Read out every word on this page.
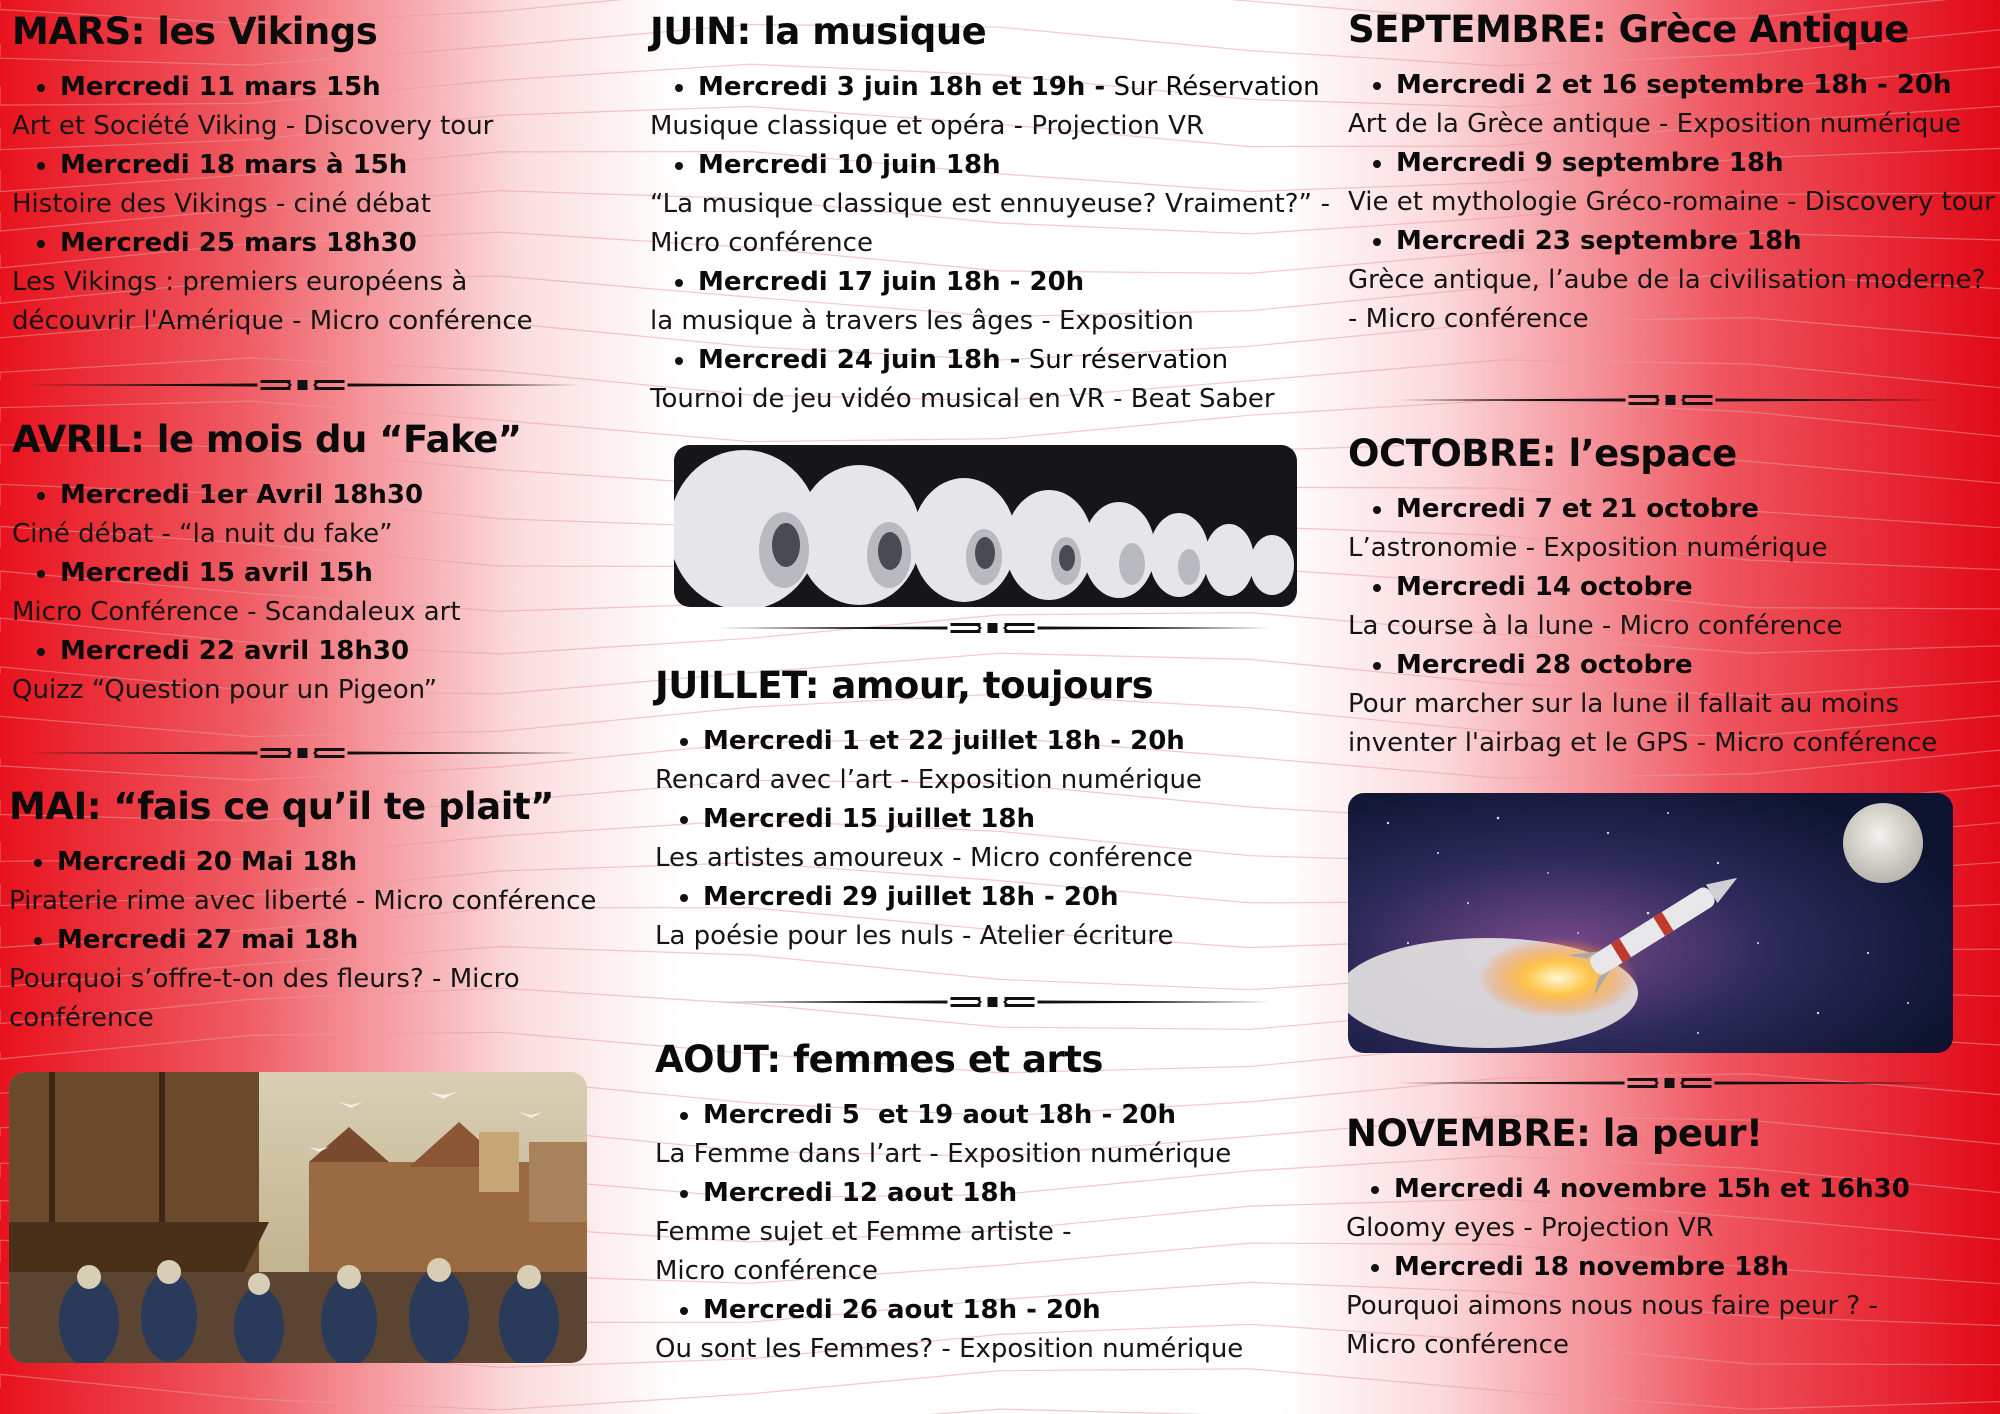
MARS: les Vikings
Mercredi 11 mars 15h
Art et Société Viking - Discovery tour
Mercredi 18 mars à 15h
Histoire des Vikings - ciné débat
Mercredi 25 mars 18h30
Les Vikings : premiers européens à découvrir l'Amérique - Micro conférence
AVRIL: le mois du “Fake”
Mercredi 1er Avril 18h30
Ciné débat - “la nuit du fake”
Mercredi 15 avril 15h
Micro Conférence - Scandaleux art
Mercredi 22 avril 18h30
Quizz “Question pour un Pigeon”
MAI: “fais ce qu’il te plait”
Mercredi 20 Mai 18h
Piraterie rime avec liberté - Micro conférence
Mercredi 27 mai 18h
Pourquoi s’offre-t-on des fleurs? - Micro conférence
JUIN: la musique
Mercredi 3 juin 18h et 19h - Sur Réservation
Musique classique et opéra - Projection VR
Mercredi 10 juin 18h
“La musique classique est ennuyeuse? Vraiment?” - Micro conférence
Mercredi 17 juin 18h - 20h
la musique à travers les âges - Exposition
Mercredi 24 juin 18h - Sur réservation
Tournoi de jeu vidéo musical en VR - Beat Saber
JUILLET: amour, toujours
Mercredi 1 et 22 juillet 18h - 20h
Rencard avec l’art - Exposition numérique
Mercredi 15 juillet 18h
Les artistes amoureux - Micro conférence
Mercredi 29 juillet 18h - 20h
La poésie pour les nuls - Atelier écriture
AOUT: femmes et arts
Mercredi 5  et 19 aout 18h - 20h
La Femme dans l’art - Exposition numérique
Mercredi 12 aout 18h
Femme sujet et Femme artiste - Micro conférence
Mercredi 26 aout 18h - 20h
Ou sont les Femmes? - Exposition numérique
SEPTEMBRE: Grèce Antique
Mercredi 2 et 16 septembre 18h - 20h
Art de la Grèce antique - Exposition numérique
Mercredi 9 septembre 18h
Vie et mythologie Gréco-romaine - Discovery tour
Mercredi 23 septembre 18h
Grèce antique, l’aube de la civilisation moderne? - Micro conférence
OCTOBRE: l’espace
Mercredi 7 et 21 octobre
L’astronomie - Exposition numérique
Mercredi 14 octobre
La course à la lune - Micro conférence
Mercredi 28 octobre
Pour marcher sur la lune il fallait au moins inventer l'airbag et le GPS - Micro conférence
NOVEMBRE: la peur!
Mercredi 4 novembre 15h et 16h30
Gloomy eyes - Projection VR
Mercredi 18 novembre 18h
Pourquoi aimons nous nous faire peur ? - Micro conférence
